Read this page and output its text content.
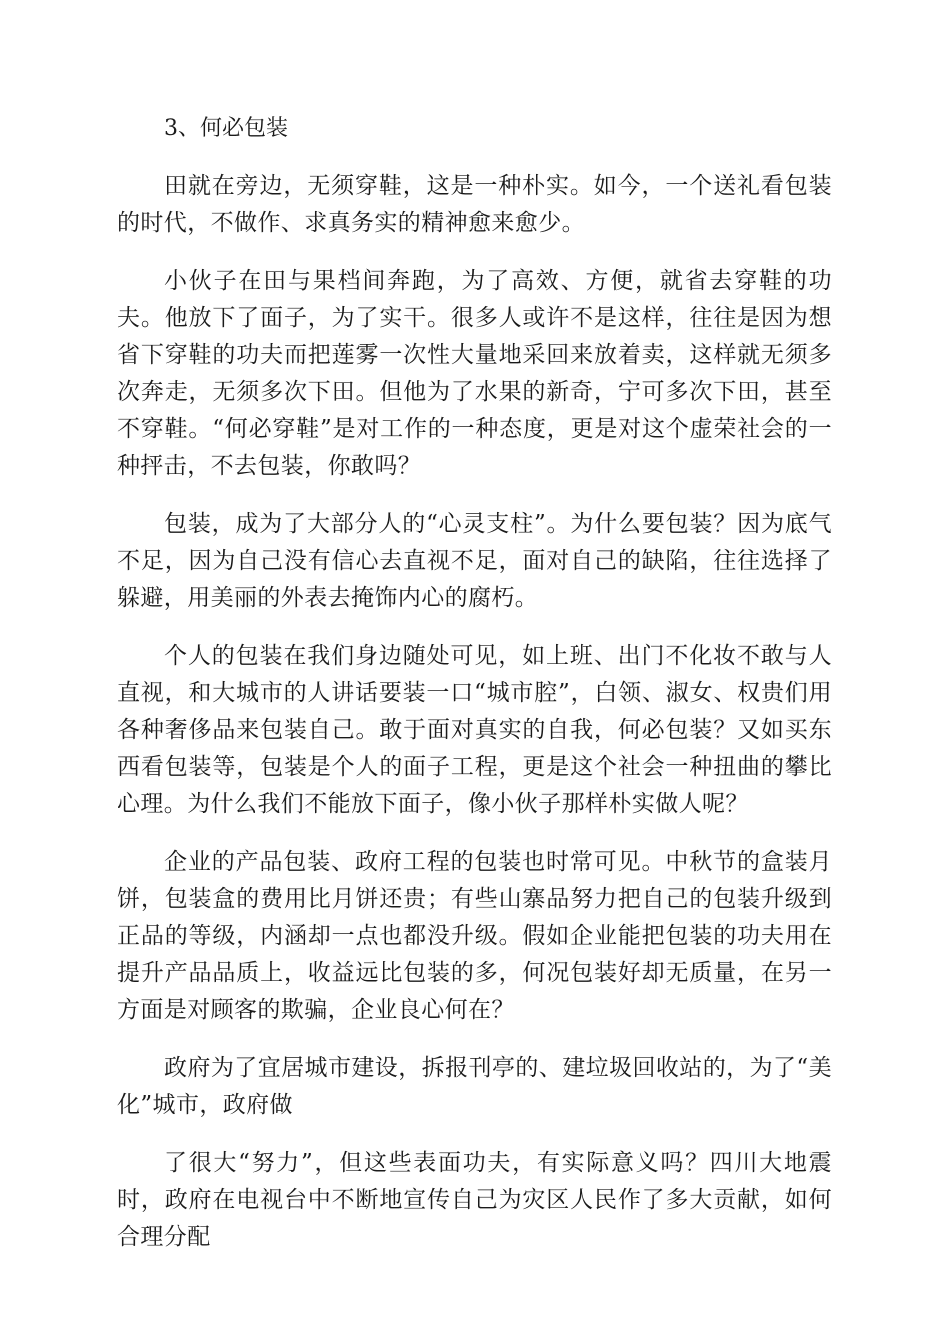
3、何必包装

田就在旁边，无须穿鞋，这是一种朴实。如今，一个送礼看包装的时代，不做作、求真务实的精神愈来愈少。

小伙子在田与果档间奔跑，为了高效、方便，就省去穿鞋的功夫。他放下了面子，为了实干。很多人或许不是这样，往往是因为想省下穿鞋的功夫而把莲雾一次性大量地采回来放着卖，这样就无须多次奔走，无须多次下田。但他为了水果的新奇，宁可多次下田，甚至不穿鞋。“何必穿鞋”是对工作的一种态度，更是对这个虚荣社会的一种抨击，不去包装，你敢吗？

包装，成为了大部分人的“心灵支柱”。为什么要包装？因为底气不足，因为自己没有信心去直视不足，面对自己的缺陷，往往选择了躲避，用美丽的外表去掩饰内心的腐朽。

个人的包装在我们身边随处可见，如上班、出门不化妆不敢与人直视，和大城市的人讲话要装一口“城市腔”，白领、淑女、权贵们用各种奢侈品来包装自己。敢于面对真实的自我，何必包装？又如买东西看包装等，包装是个人的面子工程，更是这个社会一种扭曲的攀比心理。为什么我们不能放下面子，像小伙子那样朴实做人呢？

企业的产品包装、政府工程的包装也时常可见。中秋节的盒装月饼，包装盒的费用比月饼还贵；有些山寨品努力把自己的包装升级到正品的等级，内涵却一点也都没升级。假如企业能把包装的功夫用在提升产品品质上，收益远比包装的多，何况包装好却无质量，在另一方面是对顾客的欺骗，企业良心何在？

政府为了宜居城市建设，拆报刊亭的、建垃圾回收站的，为了“美化”城市，政府做

了很大“努力”，但这些表面功夫，有实际意义吗？四川大地震时，政府在电视台中不断地宣传自己为灾区人民作了多大贡献，如何合理分配
